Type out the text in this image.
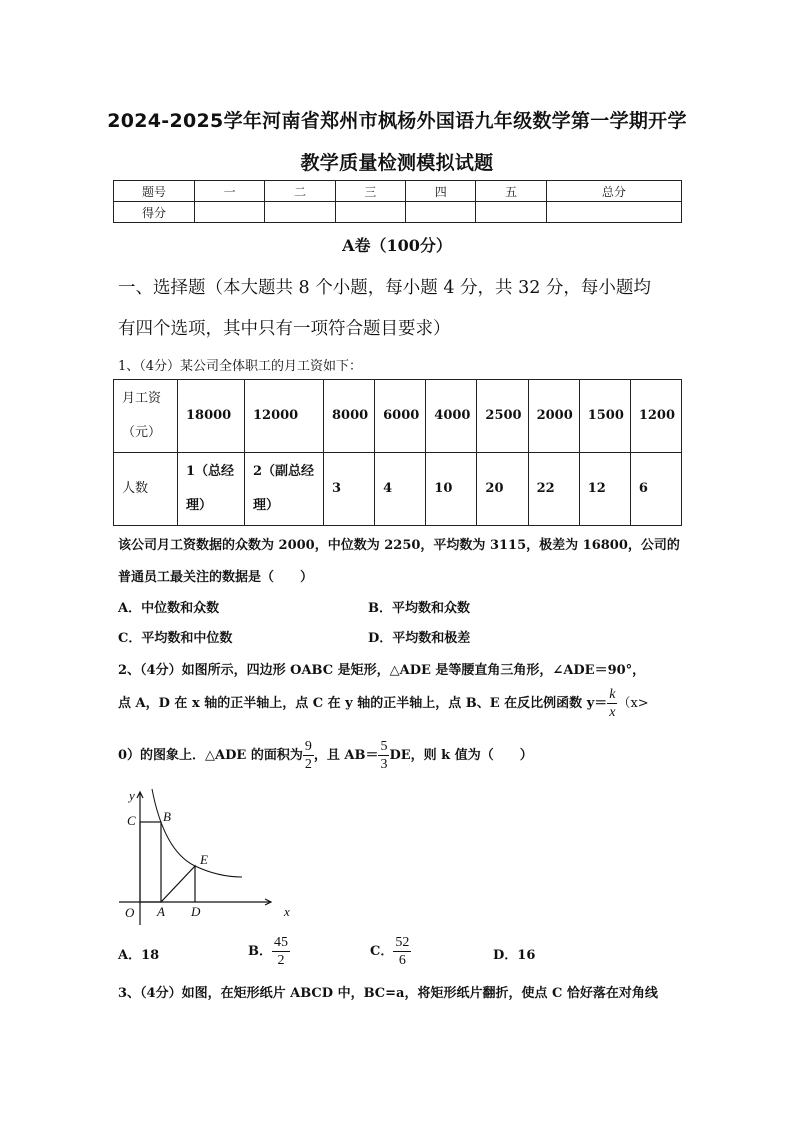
2024-2025学年河南省郑州市枫杨外国语九年级数学第一学期开学
教学质量检测模拟试题
题号	一	二	三	四	五	总分
得分						
A卷（100分）
一、选择题（本大题共 8 个小题，每小题 4 分，共 32 分，每小题均
有四个选项，其中只有一项符合题目要求）
1、（4分）某公司全体职工的月工资如下：
月工资
（元）	18000	12000	8000	6000	4000	2500	2000	1500	1200
人数	1（总经
理）	2（副总经
理）	3	4	10	20	22	12	6
该公司月工资数据的众数为 2000，中位数为 2250，平均数为 3115，极差为 16800，公司的
普通员工最关注的数据是（　　）
A．中位数和众数	B．平均数和众数
C．平均数和中位数	D．平均数和极差
2、（4分）如图所示，四边形 OABC 是矩形，△ADE 是等腰直角三角形，∠ADE＝90°，
点 A，D 在 x 轴的正半轴上，点 C 在 y 轴的正半轴上，点 B、E 在反比例函数 $y= \frac{k}{x} (x>$
0）的图象上．△ADE 的面积为 $\frac{9}{2}$ ，且 $AB= \frac{5}{3}$ DE，则 k 值为（　　）
y
x
O A
B
C
D
E
A．18	B． $\frac{45}{2}$	C． $\frac{52}{6}$	D．16
3、（4分）如图，在矩形纸片 ABCD 中，BC=a，将矩形纸片翻折，使点 C 恰好落在对角线
